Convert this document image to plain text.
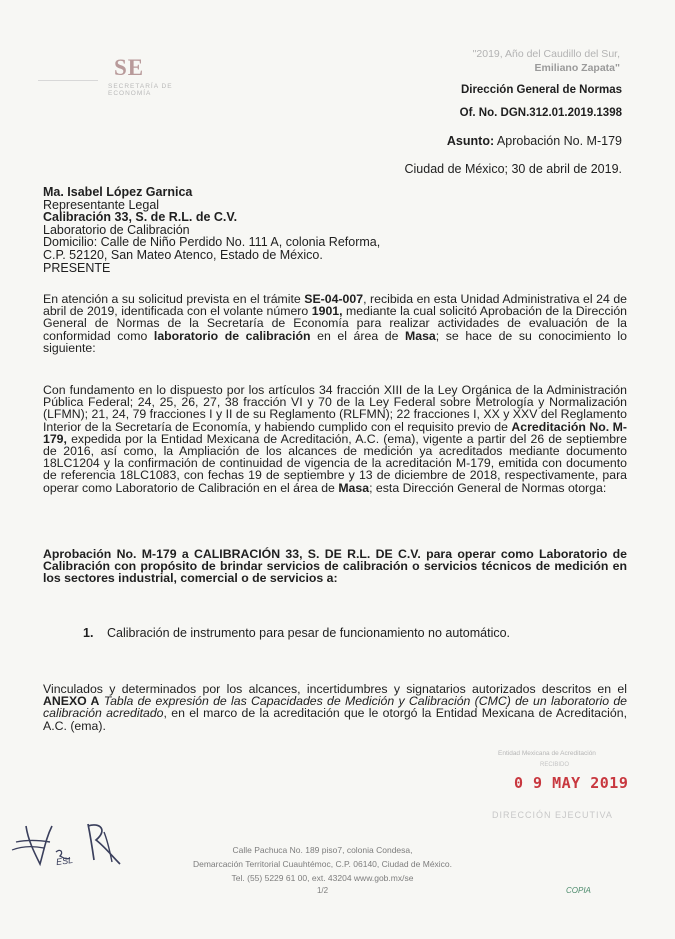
SE
SECRETARÍA DE ECONOMÍA
"2019, Año del Caudillo del Sur,
Emiliano Zapata"
Dirección General de Normas
Of. No. DGN.312.01.2019.1398
Asunto: Aprobación No. M-179
Ciudad de México; 30 de abril de 2019.
Ma. Isabel López Garnica
Representante Legal
Calibración 33, S. de R.L. de C.V.
Laboratorio de Calibración
Domicilio: Calle de Niño Perdido No. 111 A, colonia Reforma,
C.P. 52120, San Mateo Atenco, Estado de México.
PRESENTE
En atención a su solicitud prevista en el trámite SE-04-007, recibida en esta Unidad Administrativa el 24 de abril de 2019, identificada con el volante número 1901, mediante la cual solicitó Aprobación de la Dirección General de Normas de la Secretaría de Economía para realizar actividades de evaluación de la conformidad como laboratorio de calibración en el área de Masa; se hace de su conocimiento lo siguiente:
Con fundamento en lo dispuesto por los artículos 34 fracción XIII de la Ley Orgánica de la Administración Pública Federal; 24, 25, 26, 27, 38 fracción VI y 70 de la Ley Federal sobre Metrología y Normalización (LFMN); 21, 24, 79 fracciones I y II de su Reglamento (RLFMN); 22 fracciones I, XX y XXV del Reglamento Interior de la Secretaría de Economía, y habiendo cumplido con el requisito previo de Acreditación No. M-179, expedida por la Entidad Mexicana de Acreditación, A.C. (ema), vigente a partir del 26 de septiembre de 2016, así como, la Ampliación de los alcances de medición ya acreditados mediante documento 18LC1204 y la confirmación de continuidad de vigencia de la acreditación M-179, emitida con documento de referencia 18LC1083, con fechas 19 de septiembre y 13 de diciembre de 2018, respectivamente, para operar como Laboratorio de Calibración en el área de Masa; esta Dirección General de Normas otorga:
Aprobación No. M-179 a CALIBRACIÓN 33, S. DE R.L. DE C.V. para operar como Laboratorio de Calibración con propósito de brindar servicios de calibración o servicios técnicos de medición en los sectores industrial, comercial o de servicios a:
1. Calibración de instrumento para pesar de funcionamiento no automático.
Vinculados y determinados por los alcances, incertidumbres y signatarios autorizados descritos en el ANEXO A Tabla de expresión de las Capacidades de Medición y Calibración (CMC) de un laboratorio de calibración acreditado, en el marco de la acreditación que le otorgó la Entidad Mexicana de Acreditación, A.C. (ema).
Entidad Mexicana de Acreditación
RECIBIDO
0 9 MAY 2019
DIRECCIÓN EJECUTIVA
ESL
Calle Pachuca No. 189 piso7, colonia Condesa,
Demarcación Territorial Cuauhtémoc, C.P. 06140, Ciudad de México.
Tel. (55) 5229 61 00, ext. 43204 www.gob.mx/se
1/2	COPIA
